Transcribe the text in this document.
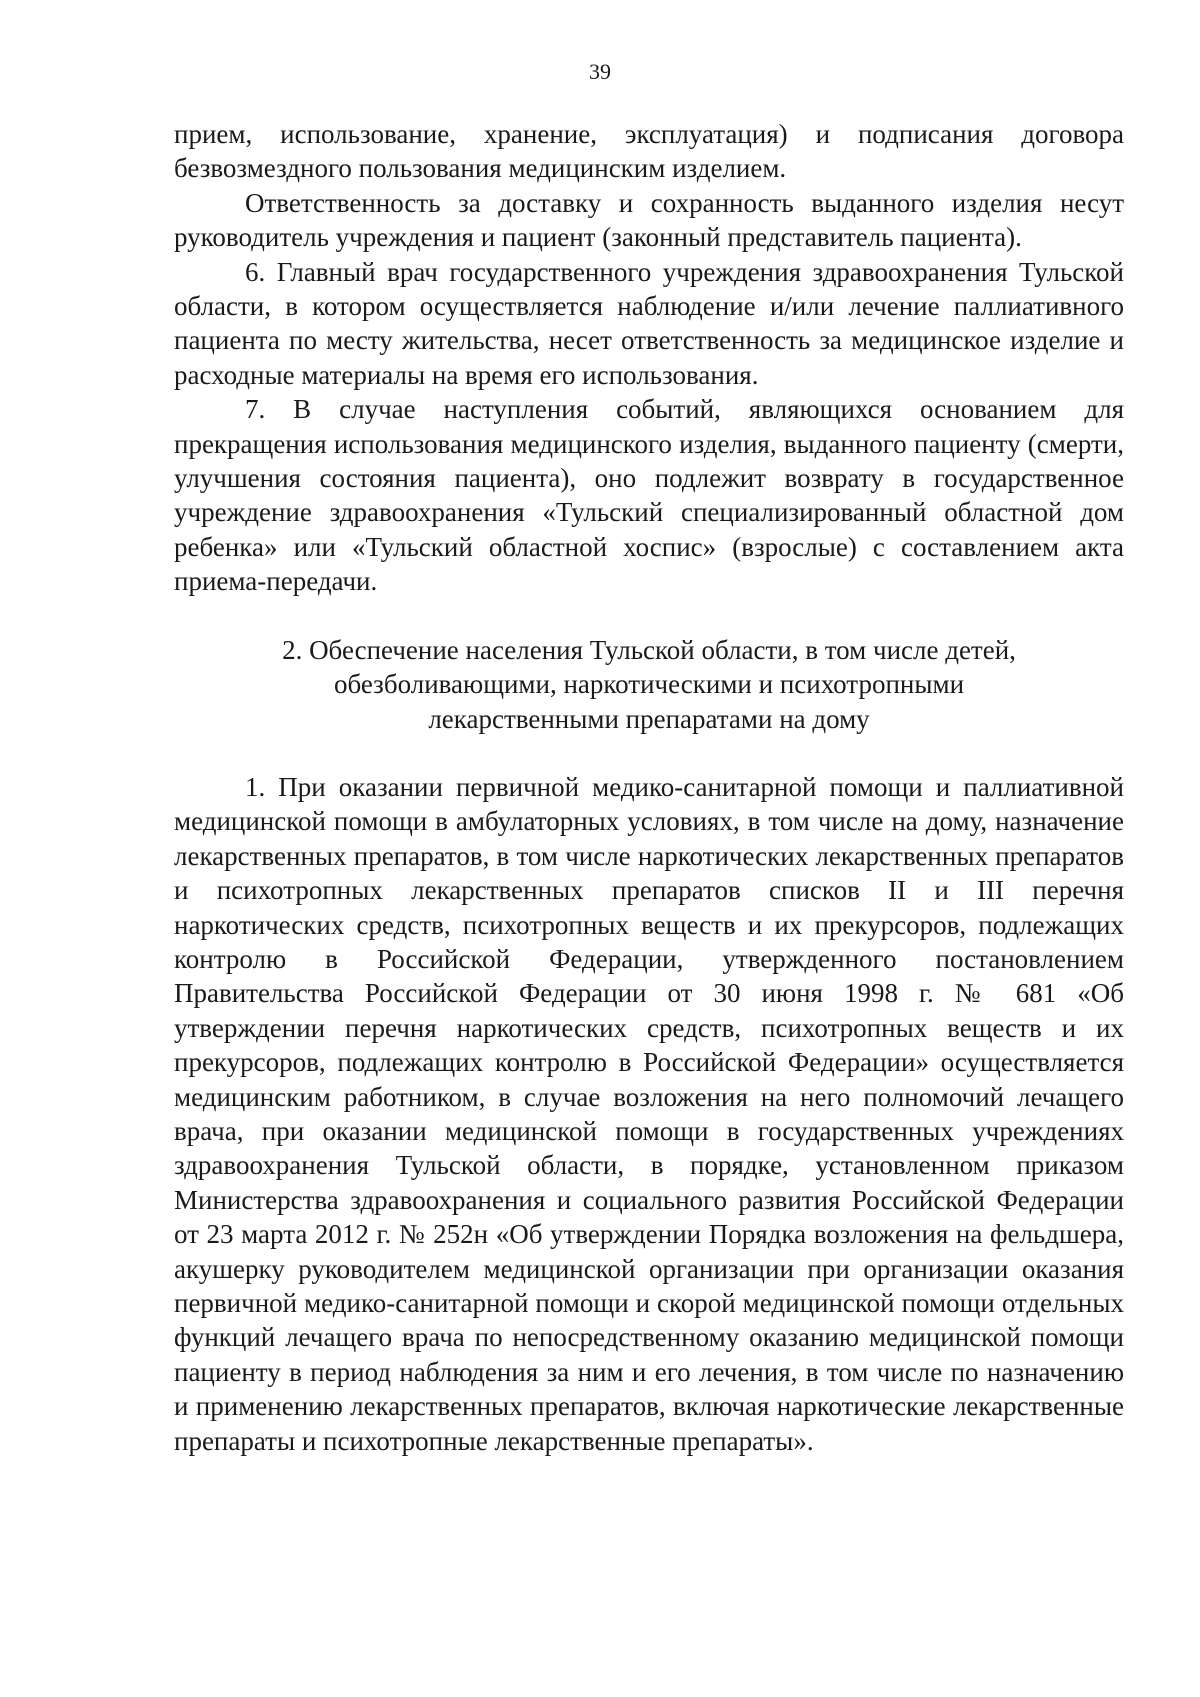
39

прием, использование, хранение, эксплуатация) и подписания договора безвозмездного пользования медицинским изделием.

Ответственность за доставку и сохранность выданного изделия несут руководитель учреждения и пациент (законный представитель пациента).

6. Главный врач государственного учреждения здравоохранения Тульской области, в котором осуществляется наблюдение и/или лечение паллиативного пациента по месту жительства, несет ответственность за медицинское изделие и расходные материалы на время его использования.

7. В случае наступления событий, являющихся основанием для прекращения использования медицинского изделия, выданного пациенту (смерти, улучшения состояния пациента), оно подлежит возврату в государственное учреждение здравоохранения «Тульский специализированный областной дом ребенка» или «Тульский областной хоспис» (взрослые) с составлением акта приема-передачи.

2. Обеспечение населения Тульской области, в том числе детей,
обезболивающими, наркотическими и психотропными
лекарственными препаратами на дому

1. При оказании первичной медико-санитарной помощи и паллиативной медицинской помощи в амбулаторных условиях, в том числе на дому, назначение лекарственных препаратов, в том числе наркотических лекарственных препаратов и психотропных лекарственных препаратов списков II и III перечня наркотических средств, психотропных веществ и их прекурсоров, подлежащих контролю в Российской Федерации, утвержденного постановлением Правительства Российской Федерации от 30 июня 1998 г. № 681 «Об утверждении перечня наркотических средств, психотропных веществ и их прекурсоров, подлежащих контролю в Российской Федерации» осуществляется медицинским работником, в случае возложения на него полномочий лечащего врача, при оказании медицинской помощи в государственных учреждениях здравоохранения Тульской области, в порядке, установленном приказом Министерства здравоохранения и социального развития Российской Федерации от 23 марта 2012 г. № 252н «Об утверждении Порядка возложения на фельдшера, акушерку руководителем медицинской организации при организации оказания первичной медико-санитарной помощи и скорой медицинской помощи отдельных функций лечащего врача по непосредственному оказанию медицинской помощи пациенту в период наблюдения за ним и его лечения, в том числе по назначению и применению лекарственных препаратов, включая наркотические лекарственные препараты и психотропные лекарственные препараты».
